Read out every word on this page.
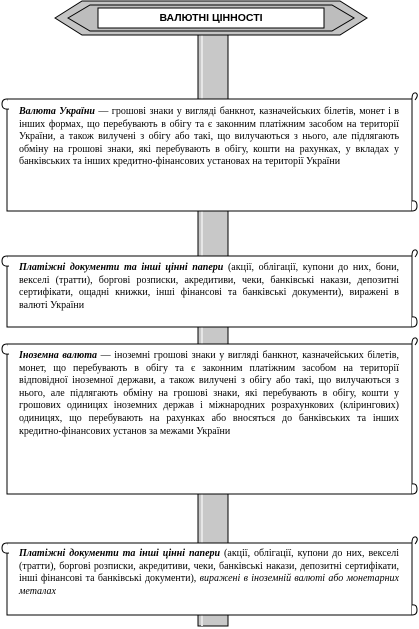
ВАЛЮТНІ ЦІННОСТІ
Валюта України — грошові знаки у вигляді банкнот, казначейських білетів, монет і в інших формах, що перебувають в обігу та є законним платіжним засобом на території України, а також вилучені з обігу або такі, що вилучаються з нього, але підлягають обміну на грошові знаки, які перебувають в обігу, кошти на рахунках, у вкладах у банківських та інших кредитно-фінансових установах на території України
Платіжні документи та інші цінні папери (акції, облігації, купони до них, бони, векселі (тратти), боргові розписки, акредитиви, чеки, банківські накази, депозитні сертифікати, ощадні книжки, інші фінансові та банківські документи), виражені в валюті України
Іноземна валюта — іноземні грошові знаки у вигляді банкнот, казначейських білетів, монет, що перебувають в обігу та є законним платіжним засобом на території відповідної іноземної держави, а також вилучені з обігу або такі, що вилучаються з нього, але підлягають обміну на грошові знаки, які перебувають в обігу, кошти у грошових одиницях іноземних держав і міжнародних розрахункових (клірингових) одиницях, що перебувають на рахунках або вносяться до банківських та інших кредитно-фінансових установ за межами України
Платіжні документи та інші цінні папери (акції, облігації, купони до них, векселі (тратти), боргові розписки, акредитиви, чеки, банківські накази, депозитні сертифікати, інші фінансові та банківські документи), виражені в іноземній валюті або монетарних металах
